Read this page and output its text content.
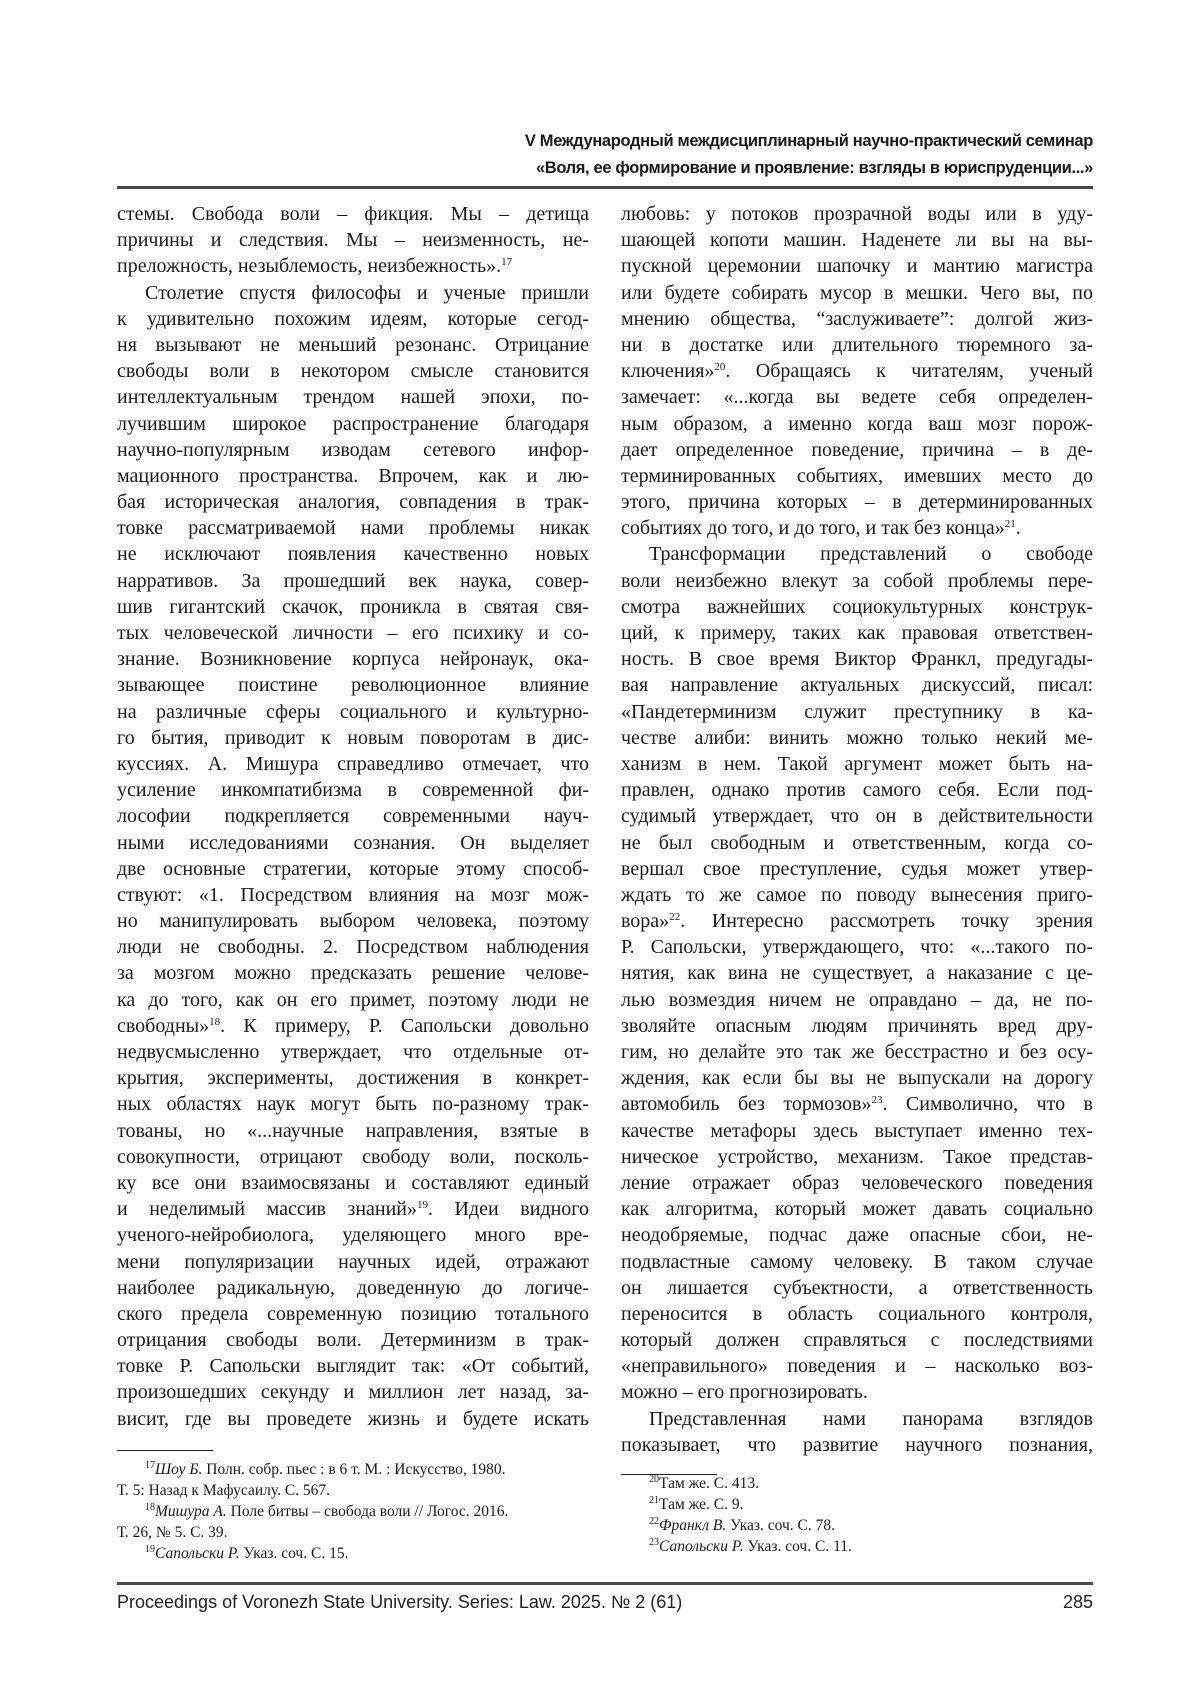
V Международный междисциплинарный научно-практический семинар
«Воля, ее формирование и проявление: взгляды в юриспруденции...»
стемы. Свобода воли – фикция. Мы – детища
причины и следствия. Мы – неизменность, не-
преложность, незыблемость, неизбежность».17
Столетие спустя философы и ученые пришли
к удивительно похожим идеям, которые сегод-
ня вызывают не меньший резонанс. Отрицание
свободы воли в некотором смысле становится
интеллектуальным трендом нашей эпохи, по-
лучившим широкое распространение благодаря
научно-популярным изводам сетевого инфор-
мационного пространства. Впрочем, как и лю-
бая историческая аналогия, совпадения в трак-
товке рассматриваемой нами проблемы никак
не исключают появления качественно новых
нарративов. За прошедший век наука, совер-
шив гигантский скачок, проникла в святая свя-
тых человеческой личности – его психику и со-
знание. Возникновение корпуса нейронаук, ока-
зывающее поистине революционное влияние
на различные сферы социального и культурно-
го бытия, приводит к новым поворотам в дис-
куссиях. А. Мишура справедливо отмечает, что
усиление инкомпатибизма в современной фи-
лософии подкрепляется современными науч-
ными исследованиями сознания. Он выделяет
две основные стратегии, которые этому способ-
ствуют: «1. Посредством влияния на мозг мож-
но манипулировать выбором человека, поэтому
люди не свободны. 2. Посредством наблюдения
за мозгом можно предсказать решение челове-
ка до того, как он его примет, поэтому люди не
свободны»18. К примеру, Р. Сапольски довольно
недвусмысленно утверждает, что отдельные от-
крытия, эксперименты, достижения в конкрет-
ных областях наук могут быть по-разному трак-
тованы, но «...научные направления, взятые в
совокупности, отрицают свободу воли, посколь-
ку все они взаимосвязаны и составляют единый
и неделимый массив знаний»19. Идеи видного
ученого-нейробиолога, уделяющего много вре-
мени популяризации научных идей, отражают
наиболее радикальную, доведенную до логиче-
ского предела современную позицию тотального
отрицания свободы воли. Детерминизм в трак-
товке Р. Сапольски выглядит так: «От событий,
произошедших секунду и миллион лет назад, за-
висит, где вы проведете жизнь и будете искать
любовь: у потоков прозрачной воды или в уду-
шающей копоти машин. Наденете ли вы на вы-
пускной церемонии шапочку и мантию магистра
или будете собирать мусор в мешки. Чего вы, по
мнению общества, “заслуживаете”: долгой жиз-
ни в достатке или длительного тюремного за-
ключения»20. Обращаясь к читателям, ученый
замечает: «...когда вы ведете себя определен-
ным образом, а именно когда ваш мозг порож-
дает определенное поведение, причина – в де-
терминированных событиях, имевших место до
этого, причина которых – в детерминированных
событиях до того, и до того, и так без конца»21.
Трансформации представлений о свободе
воли неизбежно влекут за собой проблемы пере-
смотра важнейших социокультурных конструк-
ций, к примеру, таких как правовая ответствен-
ность. В свое время Виктор Франкл, предугады-
вая направление актуальных дискуссий, писал:
«Пандетерминизм служит преступнику в ка-
честве алиби: винить можно только некий ме-
ханизм в нем. Такой аргумент может быть на-
правлен, однако против самого себя. Если под-
судимый утверждает, что он в действительности
не был свободным и ответственным, когда со-
вершал свое преступление, судья может утвер-
ждать то же самое по поводу вынесения приго-
вора»22. Интересно рассмотреть точку зрения
Р. Сапольски, утверждающего, что: «...такого по-
нятия, как вина не существует, а наказание с це-
лью возмездия ничем не оправдано – да, не по-
зволяйте опасным людям причинять вред дру-
гим, но делайте это так же бесстрастно и без осу-
ждения, как если бы вы не выпускали на дорогу
автомобиль без тормозов»23. Символично, что в
качестве метафоры здесь выступает именно тех-
ническое устройство, механизм. Такое представ-
ление отражает образ человеческого поведения
как алгоритма, который может давать социально
неодобряемые, подчас даже опасные сбои, не-
подвластные самому человеку. В таком случае
он лишается субъектности, а ответственность
переносится в область социального контроля,
который должен справляться с последствиями
«неправильного» поведения и – насколько воз-
можно – его прогнозировать.
Представленная нами панорама взглядов
показывает, что развитие научного познания,
17Шоу Б. Полн. собр. пьес : в 6 т. М. : Искусство, 1980.
Т. 5: Назад к Мафусаилу. С. 567.
18Мишура А. Поле битвы – свобода воли // Логос. 2016.
Т. 26, № 5. С. 39.
19Сапольски Р. Указ. соч. С. 15.
20Там же. С. 413.
21Там же. С. 9.
22Франкл В. Указ. соч. С. 78.
23Сапольски Р. Указ. соч. С. 11.
Proceedings of Voronezh State University. Series: Law. 2025. № 2 (61)	285
